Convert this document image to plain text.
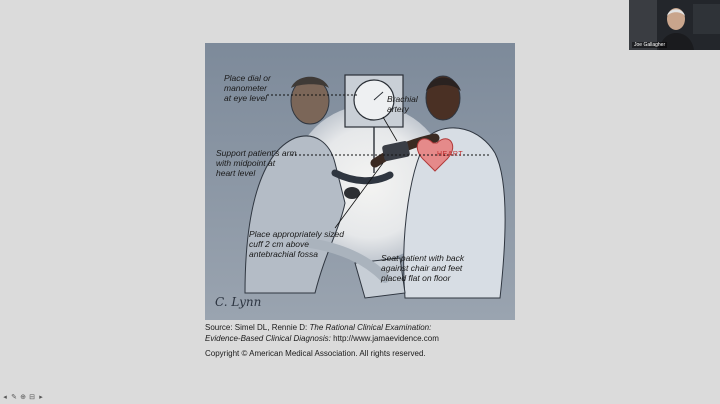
Place dial or
manometer
at eye level	Brachial
artery
Support patient's arm
with midpoint at
heart level
Place appropriately sized
cuff 2 cm above
antebrachial fossa	Seat patient with back
against chair and feet
placed flat on floor
HEART
C. Lynn

Source: Simel DL, Rennie D: The Rational Clinical Examination:

Evidence-Based Clinical Diagnosis: http://www.jamaevidence.com

Copyright © American Medical Association. All rights reserved.

Joe Gallagher
◂ ✎ ⊕ ⊟ ▸
